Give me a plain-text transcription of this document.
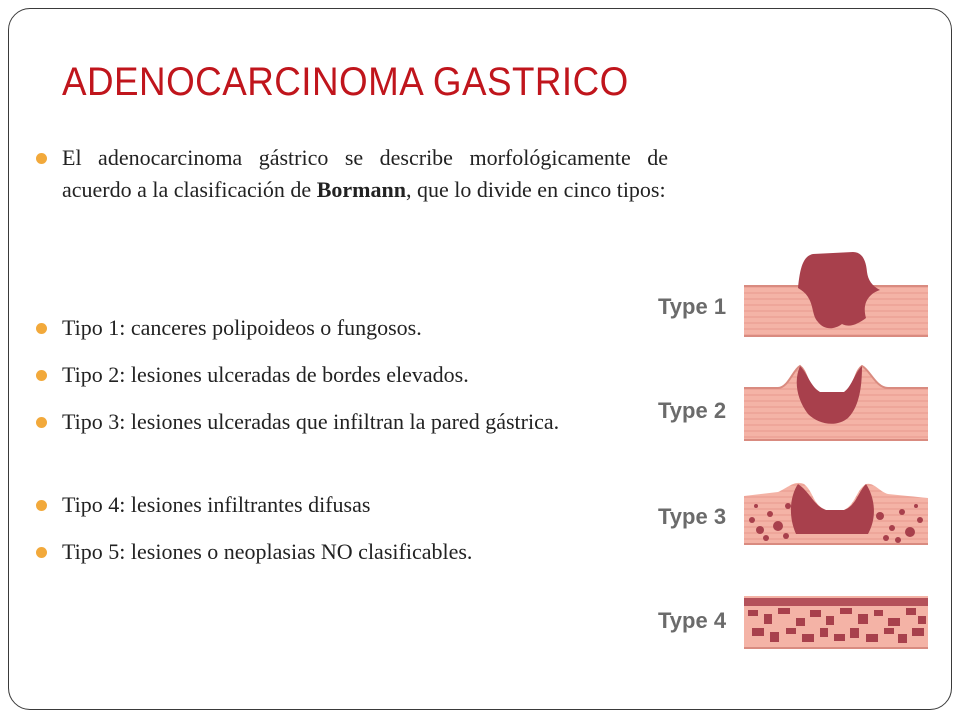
ADENOCARCINOMA GASTRICO
El adenocarcinoma gástrico se describe morfológicamente de acuerdo a la clasificación de Bormann, que lo divide en cinco tipos:
Tipo 1: canceres polipoideos o fungosos.
Tipo 2: lesiones ulceradas de bordes elevados.
Tipo 3: lesiones ulceradas que infiltran la pared gástrica.
Tipo 4: lesiones infiltrantes difusas
Tipo 5: lesiones o neoplasias NO clasificables.
Type 1
Type 2
Type 3
Type 4
